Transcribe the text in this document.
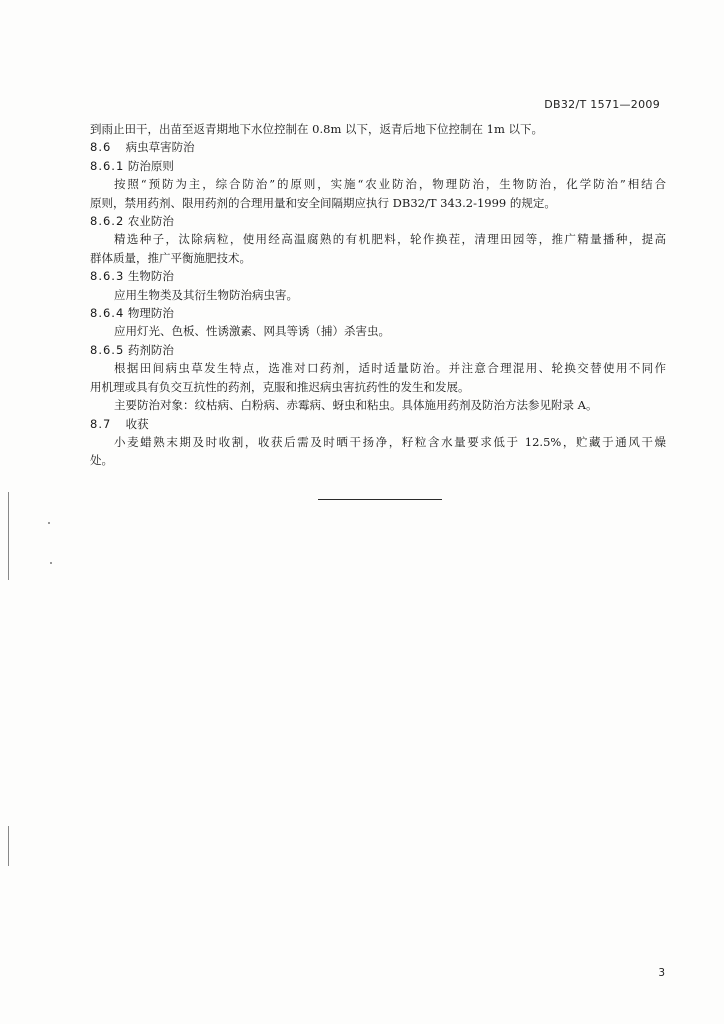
DB32/T 1571—2009
到雨止田干，出苗至返青期地下水位控制在 0.8m 以下，返青后地下位控制在 1m 以下。
8.6 病虫草害防治
8.6.1 防治原则
按照“预防为主，综合防治”的原则，实施“农业防治，物理防治，生物防治，化学防治”相结合
原则，禁用药剂、限用药剂的合理用量和安全间隔期应执行 DB32/T 343.2-1999 的规定。
8.6.2 农业防治
精选种子，汰除病粒，使用经高温腐熟的有机肥料，轮作换茬，清理田园等，推广精量播种，提高
群体质量，推广平衡施肥技术。
8.6.3 生物防治
应用生物类及其衍生物防治病虫害。
8.6.4 物理防治
应用灯光、色板、性诱激素、网具等诱（捕）杀害虫。
8.6.5 药剂防治
根据田间病虫草发生特点，选准对口药剂，适时适量防治。并注意合理混用、轮换交替使用不同作
用机理或具有负交互抗性的药剂，克服和推迟病虫害抗药性的发生和发展。
主要防治对象：纹枯病、白粉病、赤霉病、蚜虫和粘虫。具体施用药剂及防治方法参见附录 A。
8.7 收获
小麦蜡熟末期及时收割，收获后需及时晒干扬净，籽粒含水量要求低于 12.5%，贮藏于通风干燥
处。
3
